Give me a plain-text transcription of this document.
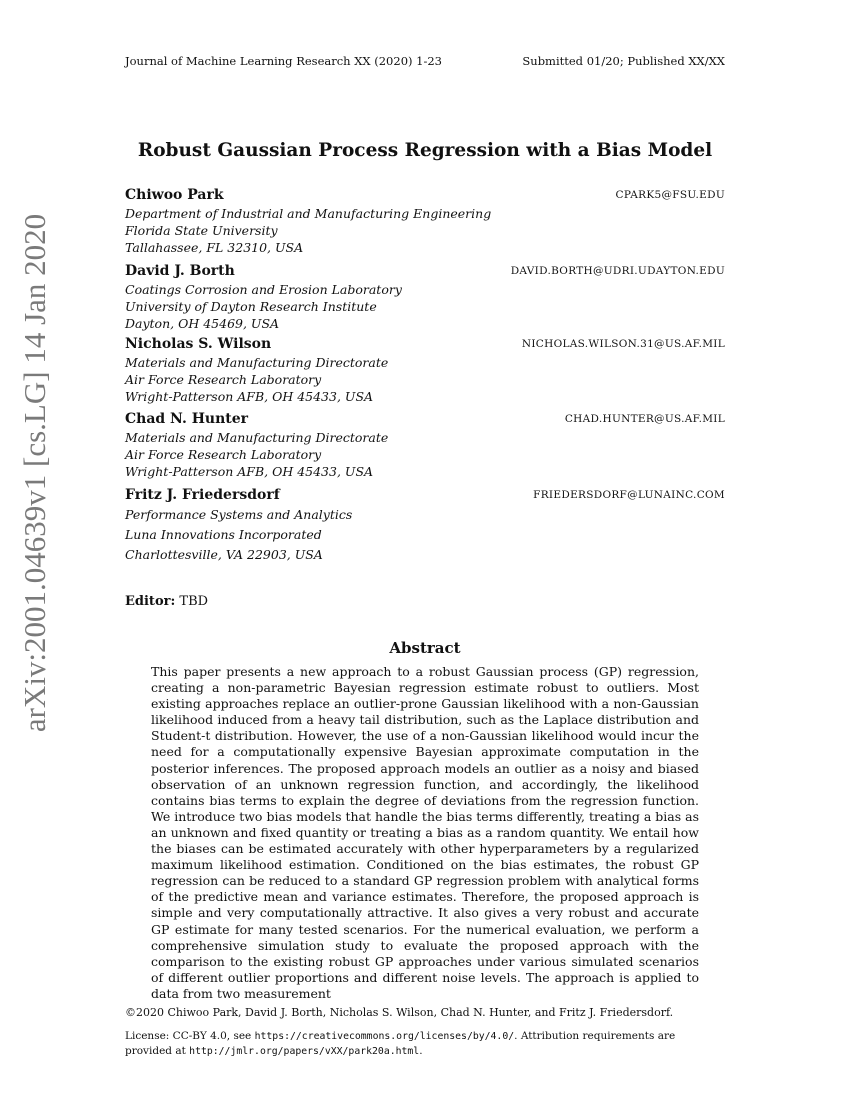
Journal of Machine Learning Research XX (2020) 1-23	Submitted 01/20; Published XX/XX
Robust Gaussian Process Regression with a Bias Model
Chiwoo Park	CPARK5@FSU.EDU
Department of Industrial and Manufacturing Engineering
Florida State University
Tallahassee, FL 32310, USA
David J. Borth	DAVID.BORTH@UDRI.UDAYTON.EDU
Coatings Corrosion and Erosion Laboratory
University of Dayton Research Institute
Dayton, OH 45469, USA
Nicholas S. Wilson	NICHOLAS.WILSON.31@US.AF.MIL
Materials and Manufacturing Directorate
Air Force Research Laboratory
Wright-Patterson AFB, OH 45433, USA
Chad N. Hunter	CHAD.HUNTER@US.AF.MIL
Materials and Manufacturing Directorate
Air Force Research Laboratory
Wright-Patterson AFB, OH 45433, USA
Fritz J. Friedersdorf	FRIEDERSDORF@LUNAINC.COM
Performance Systems and Analytics
Luna Innovations Incorporated
Charlottesville, VA 22903, USA
Editor: TBD
Abstract
This paper presents a new approach to a robust Gaussian process (GP) regression, creating a non-parametric Bayesian regression estimate robust to outliers. Most existing approaches replace an outlier-prone Gaussian likelihood with a non-Gaussian likelihood induced from a heavy tail distribution, such as the Laplace distribution and Student-t distribution. However, the use of a non-Gaussian likelihood would incur the need for a computationally expensive Bayesian approximate computation in the posterior inferences. The proposed approach models an outlier as a noisy and biased observation of an unknown regression function, and accordingly, the likelihood contains bias terms to explain the degree of deviations from the regression function. We introduce two bias models that handle the bias terms differently, treating a bias as an unknown and fixed quantity or treating a bias as a random quantity. We entail how the biases can be estimated accurately with other hyperparameters by a regularized maximum likelihood estimation. Conditioned on the bias estimates, the robust GP regression can be reduced to a standard GP regression problem with analytical forms of the predictive mean and variance estimates. Therefore, the proposed approach is simple and very computationally attractive. It also gives a very robust and accurate GP estimate for many tested scenarios. For the numerical evaluation, we perform a comprehensive simulation study to evaluate the proposed approach with the comparison to the existing robust GP approaches under various simulated scenarios of different outlier proportions and different noise levels. The approach is applied to data from two measurement
©2020 Chiwoo Park, David J. Borth, Nicholas S. Wilson, Chad N. Hunter, and Fritz J. Friedersdorf.
License: CC-BY 4.0, see https://creativecommons.org/licenses/by/4.0/. Attribution requirements are provided at http://jmlr.org/papers/vXX/park20a.html.
arXiv:2001.04639v1 [cs.LG] 14 Jan 2020
